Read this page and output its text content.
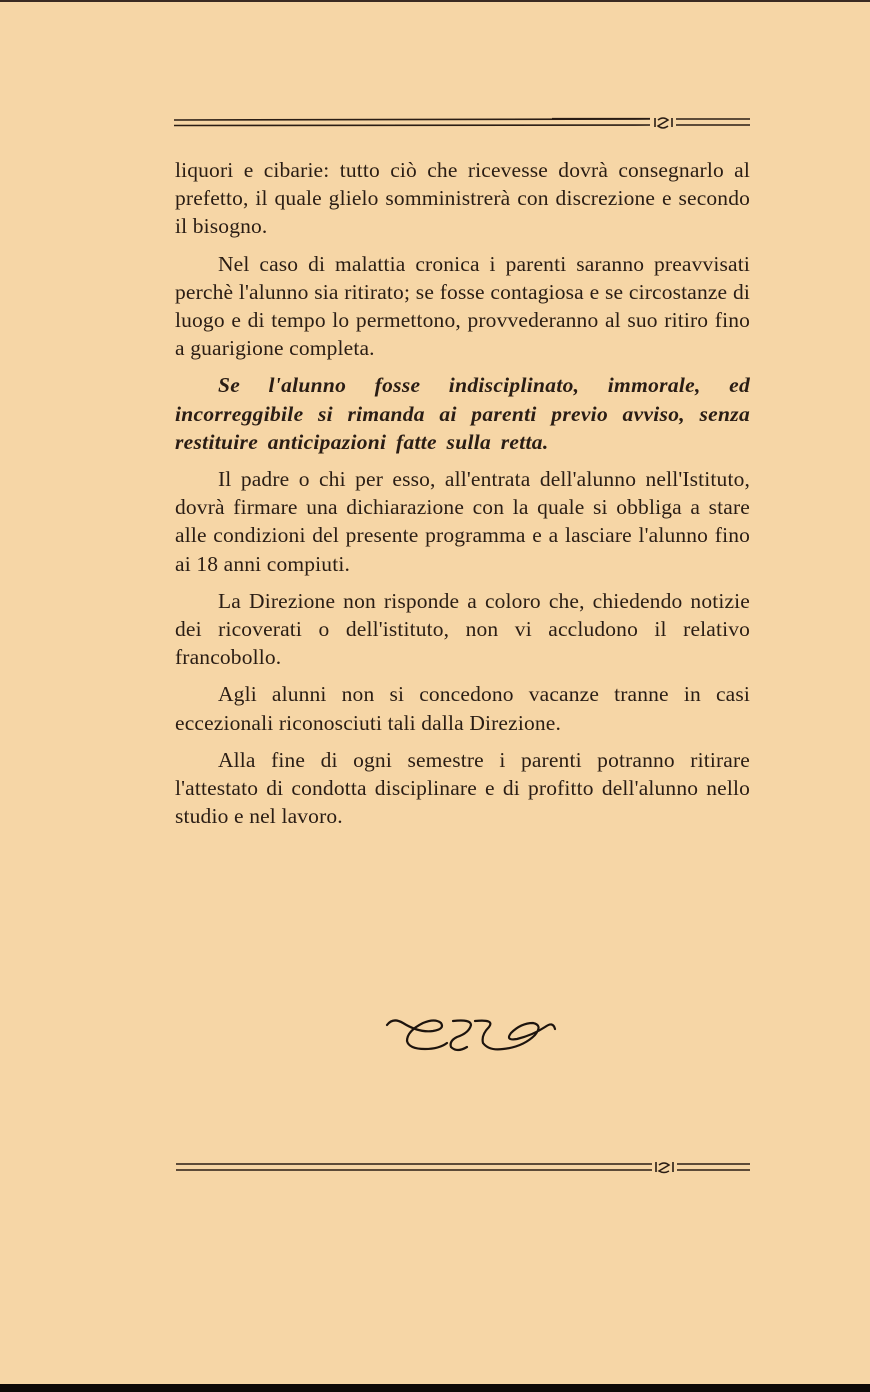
liquori e cibarie: tutto ciò che ricevesse dovrà consegnarlo al prefetto, il quale glielo somministrerà con discrezione e secondo il bisogno.

Nel caso di malattia cronica i parenti saranno preavvisati perchè l'alunno sia ritirato; se fosse contagiosa e se circostanze di luogo e di tempo lo permettono, provvederanno al suo ritiro fino a guarigione completa.

Se l'alunno fosse indisciplinato, immorale, ed incorreggibile si rimanda ai parenti previo avviso, senza restituire anticipazioni fatte sulla retta.

Il padre o chi per esso, all'entrata dell'alunno nell'Istituto, dovrà firmare una dichiarazione con la quale si obbliga a stare alle condizioni del presente programma e a lasciare l'alunno fino ai 18 anni compiuti.

La Direzione non risponde a coloro che, chiedendo notizie dei ricoverati o dell'istituto, non vi accludono il relativo francobollo.

Agli alunni non si concedono vacanze tranne in casi eccezionali riconosciuti tali dalla Direzione.

Alla fine di ogni semestre i parenti potranno ritirare l'attestato di condotta disciplinare e di profitto dell'alunno nello studio e nel lavoro.
